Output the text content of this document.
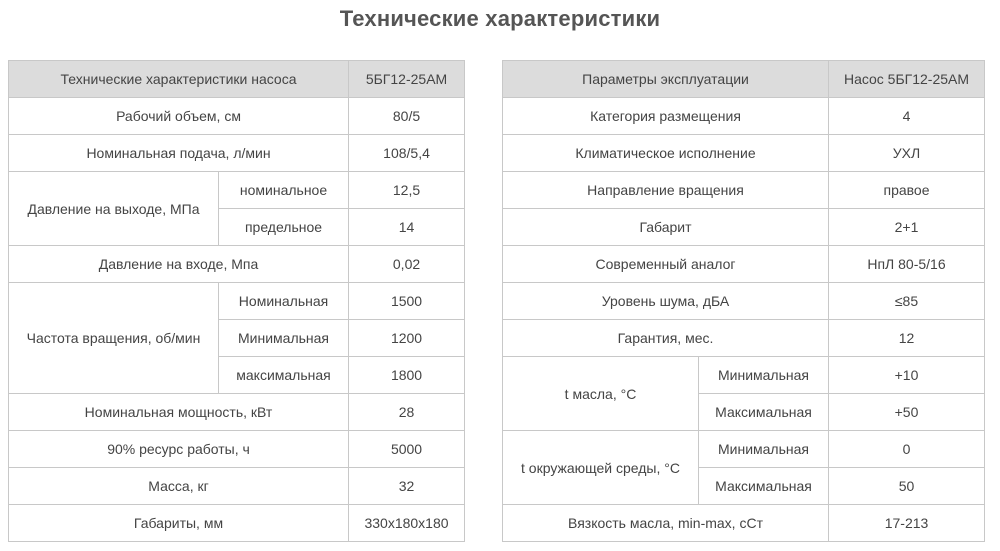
Технические характеристики
Технические характеристики насоса		5БГ12-25АМ
Рабочий объем, см		80/5
Номинальная подача, л/мин		108/5,4
Давление на выходе, МПа	номинальное	12,5
	предельное	14
Давление на входе, Мпа		0,02
Частота вращения, об/мин	Номинальная	1500
	Минимальная	1200
	максимальная	1800
Номинальная мощность, кВт		28
90% ресурс работы, ч		5000
Масса, кг		32
Габариты, мм		330х180х180
Параметры эксплуатации		Насос 5БГ12-25АМ
Категория размещения		4
Климатическое исполнение		УХЛ
Направление вращения		правое
Габарит		2+1
Современный аналог		НпЛ 80-5/16
Уровень шума, дБА		≤85
Гарантия, мес.		12
t масла, °С	Минимальная	+10
	Максимальная	+50
t окружающей среды, °С	Минимальная	0
	Максимальная	50
Вязкость масла, min-max, сСт		17-213
